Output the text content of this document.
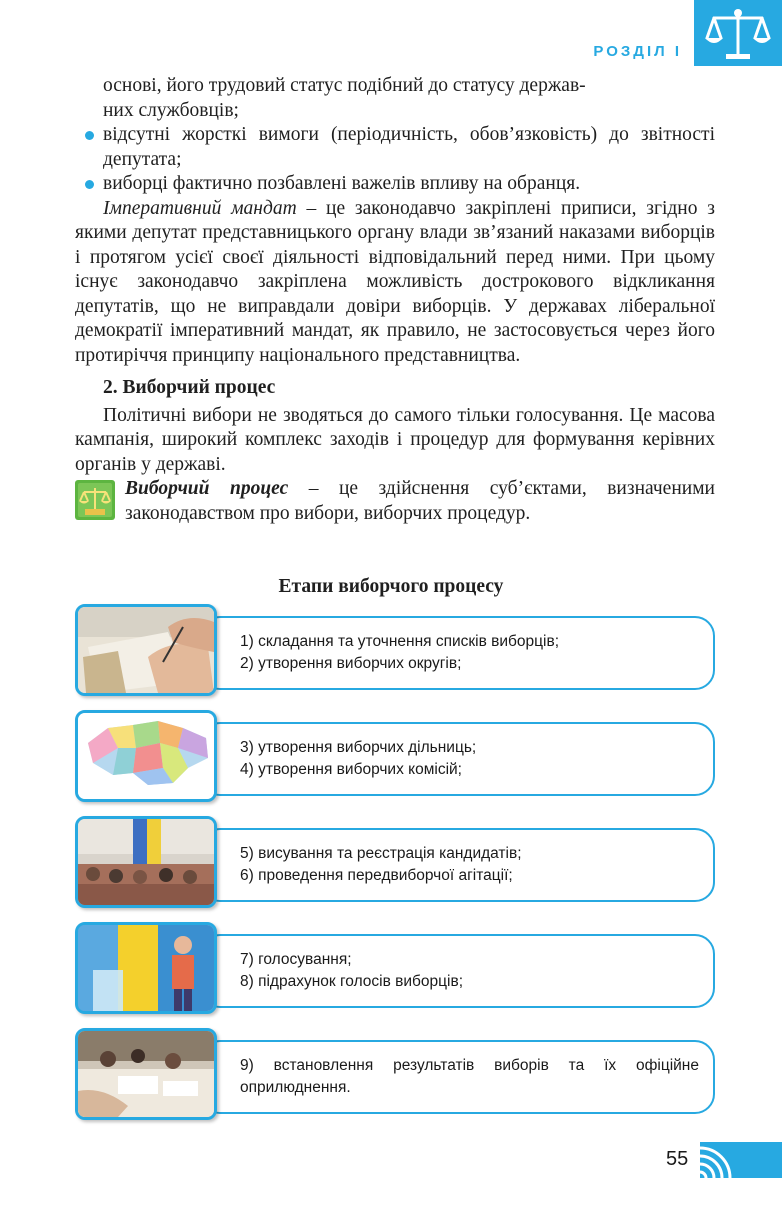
РОЗДІЛ І

основі, його трудовий статус подібний до статусу держав-

них службовців;

відсутні жорсткі вимоги (періодичність, обов’язковість) до звітності депутата;

виборці фактично позбавлені важелів впливу на обранця.

Імперативний мандат – це законодавчо закріплені приписи, згідно з якими депутат представницького органу влади зв’язаний наказами виборців і протягом усієї своєї діяльності відповідальний перед ними. При цьому існує законодавчо закріплена можливість дострокового відкликання депутатів, що не виправдали довіри виборців. У державах ліберальної демократії імперативний мандат, як правило, не застосовується через його протиріччя принципу національного представництва.

2. Виборчий процес

Політичні вибори не зводяться до самого тільки голосування. Це масова кампанія, широкий комплекс заходів і процедур для формування керівних органів у державі.

Виборчий процес – це здійснення суб’єктами, визначеними законодавством про вибори, виборчих процедур.
Етапи виборчого процесу
1) складання та уточнення списків виборців;
2) утворення виборчих округів;
3) утворення виборчих дільниць;
4) утворення виборчих комісій;
5) висування та реєстрація кандидатів;
6) проведення передвиборчої агітації;
7) голосування;
8) підрахунок голосів виборців;
9) встановлення результатів виборів та їх офіційне оприлюднення.
55
